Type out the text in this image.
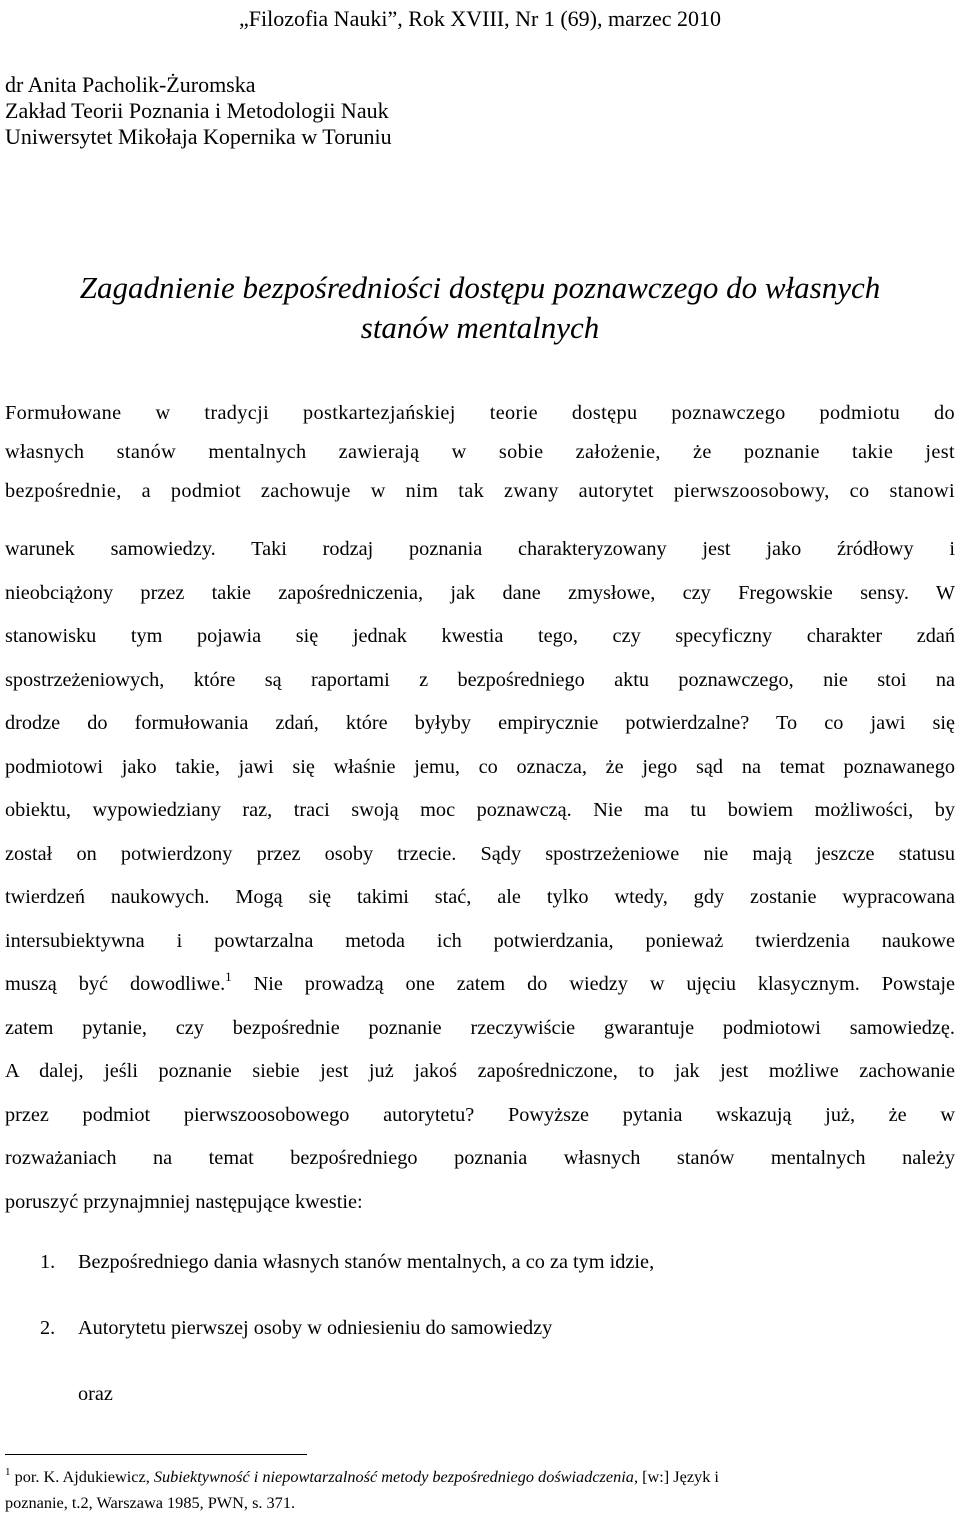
„Filozofia Nauki”, Rok XVIII, Nr 1 (69), marzec 2010
dr Anita Pacholik-Żuromska
Zakład Teorii Poznania i Metodologii Nauk
Uniwersytet Mikołaja Kopernika w Toruniu
Zagadnienie bezpośredniości dostępu poznawczego do własnych
stanów mentalnych
Formułowane w tradycji postkartezjańskiej teorie dostępu poznawczego podmiotu do
własnych stanów mentalnych zawierają w sobie założenie, że poznanie takie jest
bezpośrednie, a podmiot zachowuje w nim tak zwany autorytet pierwszoosobowy, co stanowi
warunek samowiedzy. Taki rodzaj poznania charakteryzowany jest jako źródłowy i
nieobciążony przez takie zapośredniczenia, jak dane zmysłowe, czy Fregowskie sensy. W
stanowisku tym pojawia się jednak kwestia tego, czy specyficzny charakter zdań
spostrzeżeniowych, które są raportami z bezpośredniego aktu poznawczego, nie stoi na
drodze do formułowania zdań, które byłyby empirycznie potwierdzalne? To co jawi się
podmiotowi jako takie, jawi się właśnie jemu, co oznacza, że jego sąd na temat poznawanego
obiektu, wypowiedziany raz, traci swoją moc poznawczą. Nie ma tu bowiem możliwości, by
został on potwierdzony przez osoby trzecie. Sądy spostrzeżeniowe nie mają jeszcze statusu
twierdzeń naukowych. Mogą się takimi stać, ale tylko wtedy, gdy zostanie wypracowana
intersubiektywna i powtarzalna metoda ich potwierdzania, ponieważ twierdzenia naukowe
muszą być dowodliwe.$^1$ Nie prowadzą one zatem do wiedzy w ujęciu klasycznym. Powstaje
zatem pytanie, czy bezpośrednie poznanie rzeczywiście gwarantuje podmiotowi samowiedzę.
A dalej, jeśli poznanie siebie jest już jakoś zapośredniczone, to jak jest możliwe zachowanie
przez podmiot pierwszoosobowego autorytetu? Powyższe pytania wskazują już, że w
rozważaniach na temat bezpośredniego poznania własnych stanów mentalnych należy
poruszyć przynajmniej następujące kwestie:
1. Bezpośredniego dania własnych stanów mentalnych, a co za tym idzie,
2. Autorytetu pierwszej osoby w odniesieniu do samowiedzy
oraz
$^1$ por. K. Ajdukiewicz, Subiektywność i niepowtarzalność metody bezpośredniego doświadczenia, [w:] Język i
poznanie, t.2, Warszawa 1985, PWN, s. 371.
